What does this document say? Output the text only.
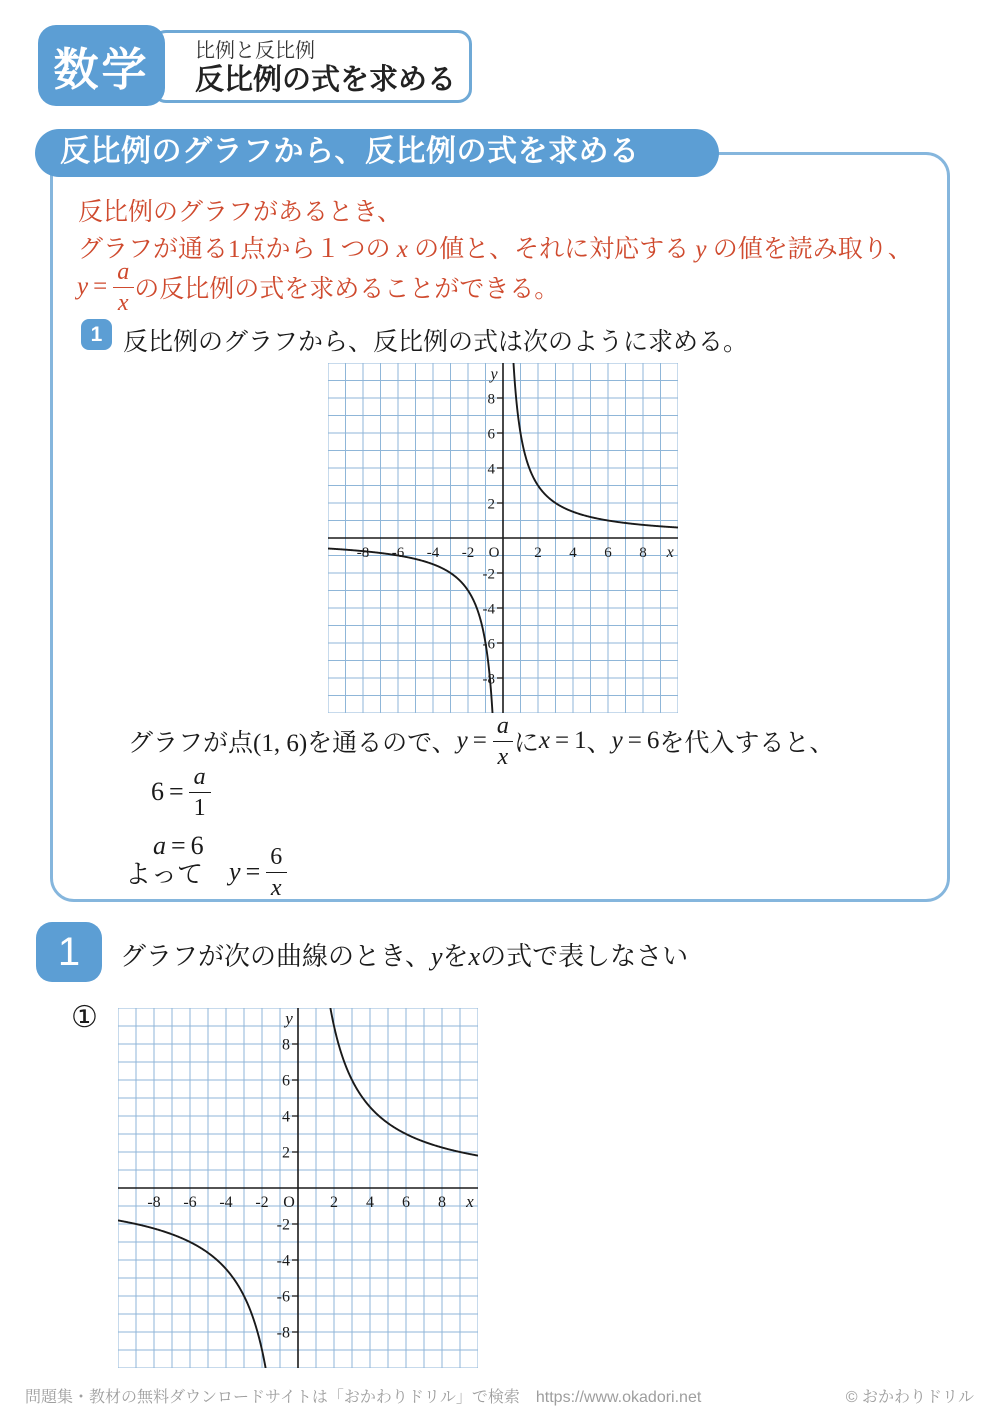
数学 比例と反比例
反比例の式を求める
反比例のグラフから、反比例の式を求める
反比例のグラフがあるとき、
グラフが通る1点から１つの x の値と、それに対応する y の値を読み取り、
$y = \frac{a}{x}$ の反比例の式を求めることができる。
1 反比例のグラフから、反比例の式は次のように求める。
-8
-6
-4
-2
2
4
6
8
-8 -6 -4 -2	2 4 6 8
O	x
y
グラフが点(1, 6)を通るので、 $y = \frac{a}{x}$ に x = 1 、 y = 6 を代入すると、
$6 = \frac{a}{1}$
a = 6
よって $y = \frac{6}{x}$
1 グラフが次の曲線のとき、 y を x の式で表しなさい
①
-8
-6
-4
-2
2
4
6
8
-8 -6 -4 -2	2 4 6 8
O	x
y
問題集・教材の無料ダウンロードサイトは「おかわりドリル」で検索　https://www.okadori.net	© おかわりドリル
